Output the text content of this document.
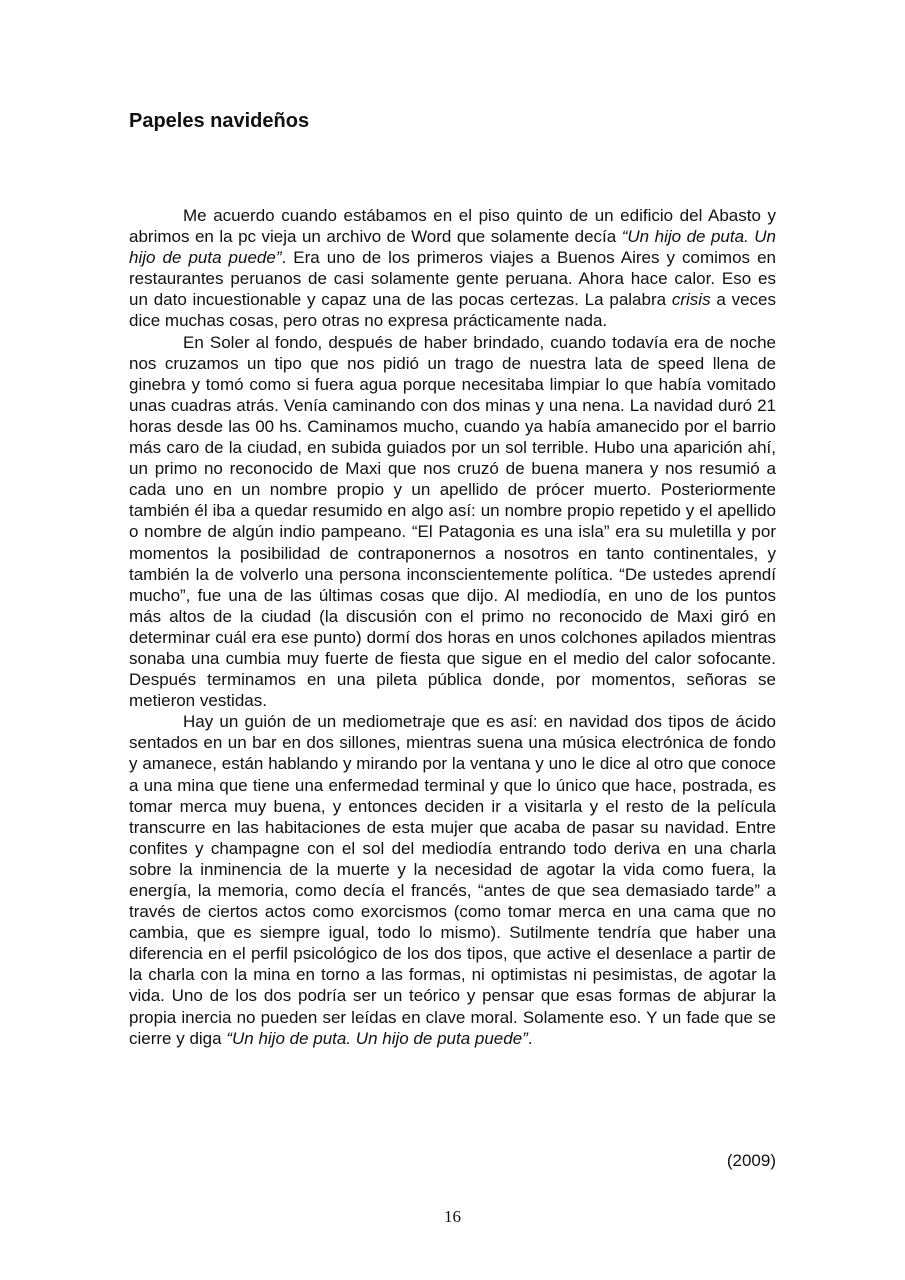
Papeles navideños

Me acuerdo cuando estábamos en el piso quinto de un edificio del Abasto y abrimos en la pc vieja un archivo de Word que solamente decía “Un hijo de puta. Un hijo de puta puede”. Era uno de los primeros viajes a Buenos Aires y comimos en restaurantes peruanos de casi solamente gente peruana. Ahora hace calor. Eso es un dato incuestionable y capaz una de las pocas certezas. La palabra crisis a veces dice muchas cosas, pero otras no expresa prácticamente nada.

En Soler al fondo, después de haber brindado, cuando todavía era de noche nos cruzamos un tipo que nos pidió un trago de nuestra lata de speed llena de ginebra y tomó como si fuera agua porque necesitaba limpiar lo que había vomitado unas cuadras atrás. Venía caminando con dos minas y una nena. La navidad duró 21 horas desde las 00 hs. Caminamos mucho, cuando ya había amanecido por el barrio más caro de la ciudad, en subida guiados por un sol terrible. Hubo una aparición ahí, un primo no reconocido de Maxi que nos cruzó de buena manera y nos resumió a cada uno en un nombre propio y un apellido de prócer muerto. Posteriormente también él iba a quedar resumido en algo así: un nombre propio repetido y el apellido o nombre de algún indio pampeano. “El Patagonia es una isla” era su muletilla y por momentos la posibilidad de contraponernos a nosotros en tanto continentales, y también la de volverlo una persona inconscientemente política. “De ustedes aprendí mucho”, fue una de las últimas cosas que dijo. Al mediodía, en uno de los puntos más altos de la ciudad (la discusión con el primo no reconocido de Maxi giró en determinar cuál era ese punto) dormí dos horas en unos colchones apilados mientras sonaba una cumbia muy fuerte de fiesta que sigue en el medio del calor sofocante. Después terminamos en una pileta pública donde, por momentos, señoras se metieron vestidas.

Hay un guión de un mediometraje que es así: en navidad dos tipos de ácido sentados en un bar en dos sillones, mientras suena una música electrónica de fondo y amanece, están hablando y mirando por la ventana y uno le dice al otro que conoce a una mina que tiene una enfermedad terminal y que lo único que hace, postrada, es tomar merca muy buena, y entonces deciden ir a visitarla y el resto de la película transcurre en las habitaciones de esta mujer que acaba de pasar su navidad. Entre confites y champagne con el sol del mediodía entrando todo deriva en una charla sobre la inminencia de la muerte y la necesidad de agotar la vida como fuera, la energía, la memoria, como decía el francés, “antes de que sea demasiado tarde” a través de ciertos actos como exorcismos (como tomar merca en una cama que no cambia, que es siempre igual, todo lo mismo). Sutilmente tendría que haber una diferencia en el perfil psicológico de los dos tipos, que active el desenlace a partir de la charla con la mina en torno a las formas, ni optimistas ni pesimistas, de agotar la vida. Uno de los dos podría ser un teórico y pensar que esas formas de abjurar la propia inercia no pueden ser leídas en clave moral. Solamente eso. Y un fade que se cierre y diga “Un hijo de puta. Un hijo de puta puede”.

(2009)
16
